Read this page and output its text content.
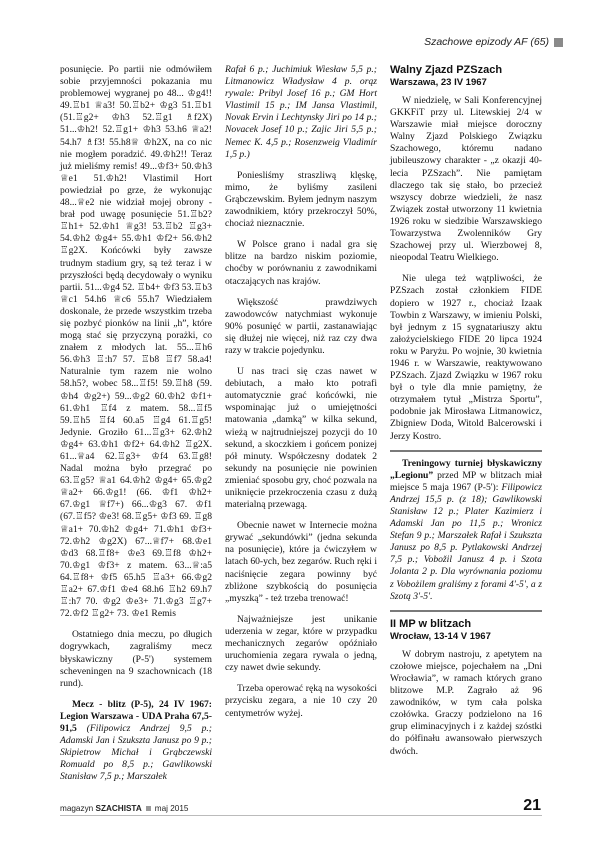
Szachowe epizody AF (65)

posunięcie. Po partii nie odmówiłem sobie przyjemności pokazania mu problemowej wygranej po 48... ♔g4!! 49.♖b1 ♕a3! 50.♖b2+ ♔g3 51.♖b1 (51.♖g2+ ♔h3 52.♖g1 ♗f2X) 51...♔h2! 52.♖g1+ ♔h3 53.h6 ♕a2! 54.h7 ♗f3! 55.h8♕ ♔h2X, na co nic nie mogłem poradzić. 49.♔h2!! Teraz już mieliśmy remis! 49...♔f3+ 50.♔h3 ♕e1 51.♔h2! Vlastimil Hort powiedział po grze, że wykonując 48...♕e2 nie widział mojej obrony - brał pod uwagę posunięcie 51.♖b2? ♖h1+ 52.♔h1 ♕g3! 53.♖b2 ♖g3+ 54.♔h2 ♔g4+ 55.♔h1 ♔f2+ 56.♔h2 ♖g2X. Końcówki były zawsze trudnym stadium gry, są też teraz i w przyszłości będą decydowały o wyniku partii. 51...♔g4 52. ♖b4+ ♔f3 53.♖b3 ♕c1 54.h6 ♕c6 55.h7 Wiedziałem doskonale, że przede wszystkim trzeba się pozbyć pionków na linii „h”, które mogą stać się przyczyną porażki, co znałem z młodych lat. 55...♖h6 56.♔h3 ♖:h7 57. ♖b8 ♖f7 58.a4! Naturalnie tym razem nie wolno 58.h5?, wobec 58...♖f5! 59.♖h8 (59. ♔h4 ♔g2+) 59...♔g2 60.♔h2 ♔f1+ 61.♔h1 ♖f4 z matem. 58...♖f5 59.♖h5 ♖f4 60.a5 ♖g4 61.♖g5! Jedynie. Groziło 61...♖g3+ 62.♔h2 ♔g4+ 63.♔h1 ♔f2+ 64.♔h2 ♖g2X. 61...♕a4 62.♖g3+ ♔f4 63.♖g8! Nadal można było przegrać po 63.♖g5? ♕a1 64.♔h2 ♔g4+ 65.♔g2 ♕a2+ 66.♔g1! (66. ♔f1 ♔h2+ 67.♔g1 ♕f7+) 66...♔g3 67. ♔f1 (67.♖f5? ♔e3! 68.♖g5+ ♔f3 69. ♖g8 ♕a1+ 70.♔h2 ♔g4+ 71.♔h1 ♔f3+ 72.♔h2 ♔g2X) 67...♕f7+ 68.♔e1 ♔d3 68.♖f8+ ♔e3 69.♖f8 ♔h2+ 70.♔g1 ♔f3+ z matem. 63...♕:a5 64.♖f8+ ♔f5 65.h5 ♖a3+ 66.♔g2 ♖a2+ 67.♔f1 ♔e4 68.h6 ♖h2 69.h7 ♖:h7 70. ♔g2 ♔e3+ 71.♔g3 ♖g7+ 72.♔f2 ♖g2+ 73. ♔e1 Remis

Ostatniego dnia meczu, po długich dogrywkach, zagraliśmy mecz błyskawiczny (P-5') systemem scheveningen na 9 szachownicach (18 rund).

Mecz - blitz (P-5), 24 IV 1967: Legion Warszawa - UDA Praha 67,5-91,5 (Filipowicz Andrzej 9,5 p.; Adamski Jan i Szukszta Janusz po 9 p.; Skipietrow Michał i Grąbczewski Romuald po 8,5 p.; Gawlikowski Stanisław 7,5 p.; Marszałek

Rafał 6 p.; Juchimiuk Wiesław 5,5 p.; Litmanowicz Władysław 4 p. orąz rywale: Pribyl Josef 16 p.; GM Hort Vlastimil 15 p.; IM Jansa Vlastimil, Novak Ervin i Lechtynsky Jiri po 14 p.; Novacek Josef 10 p.; Zajic Jiri 5,5 p.; Nemec K. 4,5 p.; Rosenzweig Vladimír 1,5 p.)

Poniesliśmy straszliwą klęskę, mimo, że byliśmy zasileni Grąbczewskim. Byłem jednym naszym zawodnikiem, który przekroczył 50%, chociaż nieznacznie.

W Polsce grano i nadal gra się blitze na bardzo niskim poziomie, choćby w porównaniu z zawodnikami otaczających nas krajów.

Większość prawdziwych zawodowców natychmiast wykonuje 90% posunięć w partii, zastanawiając się dłużej nie więcej, niż raz czy dwa razy w trakcie pojedynku.

U nas traci się czas nawet w debiutach, a mało kto potrafi automatycznie grać końcówki, nie wspominając już o umiejętności matowania „damką” w kilka sekund, wieżą w najtrudniejszej pozycji do 10 sekund, a skoczkiem i gońcem ponizej pół minuty. Współczesny dodatek 2 sekundy na posunięcie nie powinien zmieniać sposobu gry, choć pozwala na uniknięcie przekroczenia czasu z dużą materialną przewagą.

Obecnie nawet w Internecie można grywać „sekundówki” (jedna sekunda na posunięcie), które ja ćwiczyłem w latach 60-ych, bez zegarów. Ruch ręki i naciśnięcie zegara powinny być zbliżone szybkością do posunięcia „myszką” - też trzeba trenować!

Najważniejsze jest unikanie uderzenia w zegar, które w przypadku mechanicznych zegarów opóźniało uruchomienia zegara rywala o jedną, czy nawet dwie sekundy.

Trzeba operować ręką na wysokości przycisku zegara, a nie 10 czy 20 centymetrów wyżej.

Walny Zjazd PZSzach
Warszawa, 23 IV 1967

W niedzielę, w Sali Konferencyjnej GKKFiT przy ul. Litewskiej 2/4 w Warszawie miał miejsce doroczny Walny Zjazd Polskiego Związku Szachowego, któremu nadano jubileuszowy charakter - „z okazji 40-lecia PZSzach”. Nie pamiętam dlaczego tak się stało, bo przecież wszyscy dobrze wiedzieli, że nasz Związek został utworzony 11 kwietnia 1926 roku w siedzibie Warszawskiego Towarzystwa Zwolenników Gry Szachowej przy ul. Wierzbowej 8, nieopodal Teatru Wielkiego.

Nie ulega też wątpliwości, że PZSzach został członkiem FIDE dopiero w 1927 r., chociaż Izaak Towbin z Warszawy, w imieniu Polski, był jednym z 15 sygnatariuszy aktu założycielskiego FIDE 20 lipca 1924 roku w Paryżu. Po wojnie, 30 kwietnia 1946 r. w Warszawie, reaktywowano PZSzach. Zjazd Związku w 1967 roku był o tyle dla mnie pamiętny, że otrzymałem tytuł „Mistrza Sportu”, podobnie jak Mirosława Litmanowicz, Zbigniew Doda, Witold Balcerowski i Jerzy Kostro.

Treningowy turniej błyskawiczny „Legionu” przed MP w blitzach miał miejsce 5 maja 1967 (P-5'): Filipowicz Andrzej 15,5 p. (z 18); Gawlikowski Stanisław 12 p.; Plater Kazimierz i Adamski Jan po 11,5 p.; Wronicz Stefan 9 p.; Marszałek Rafał i Szukszta Janusz po 8,5 p. Pytlakowski Andrzej 7,5 p.; Vobožil Janusz 4 p. i Szota Jolanta 2 p. Dla wyrównania poziomu z Vobożilem graliśmy z forami 4'-5', a z Szotą 3'-5'.

II MP w blitzach
Wrocław, 13-14 V 1967

W dobrym nastroju, z apetytem na czołowe miejsce, pojechałem na „Dni Wrocławia”, w ramach których grano blitzowe M.P. Zagrało aż 96 zawodników, w tym cała polska czołówka. Graczy podzielono na 16 grup eliminacyjnych i z każdej szóstki do półfinału awansowało pierwszych dwóch.

magazyn SZACHISTA maj 2015	21
